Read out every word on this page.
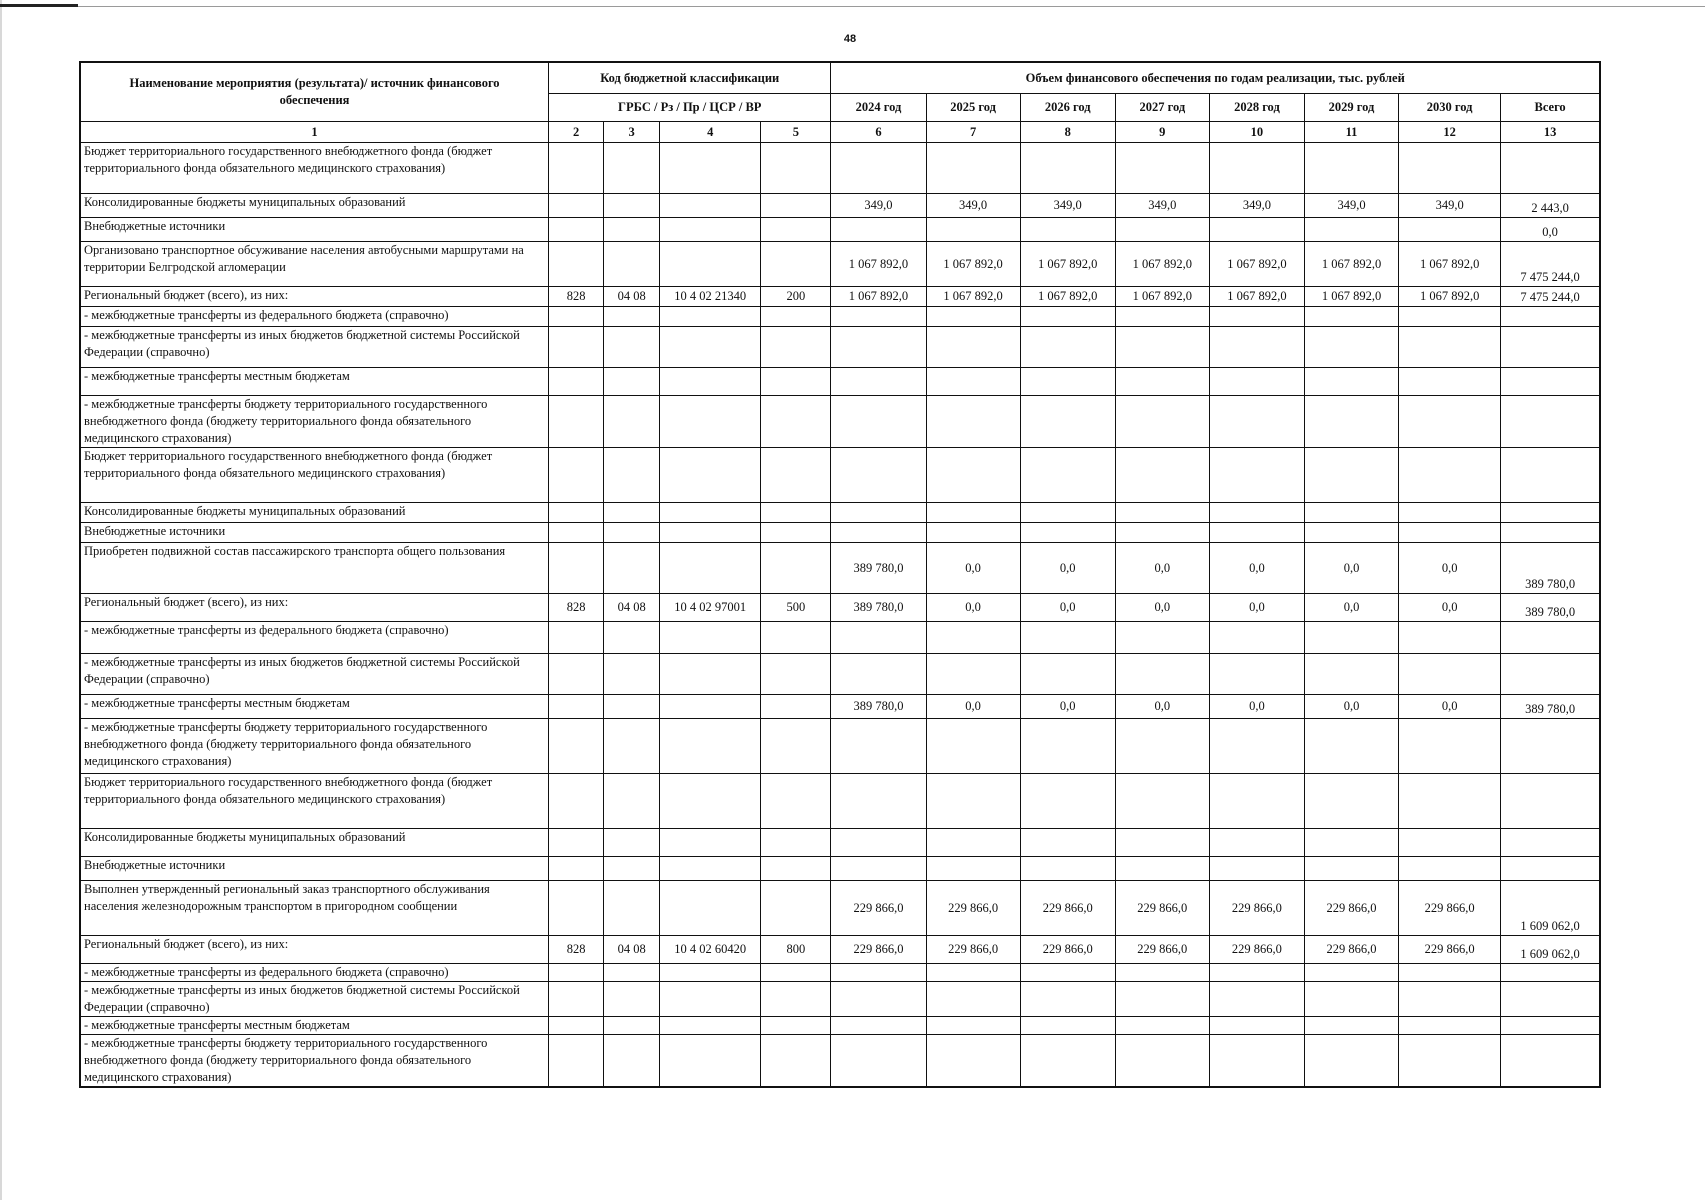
48
Наименование мероприятия (результата)/ источник финансового обеспечения	Код бюджетной классификации				Объем финансового обеспечения по годам реализации, тыс. рублей							
	ГРБС / Рз / Пр / ЦСР / ВР				2024 год	2025 год	2026 год	2027 год	2028 год	2029 год	2030 год	Всего
1	2	3	4	5	6	7	8	9	10	11	12	13
Бюджет территориального государственного внебюджетного фонда (бюджет территориального фонда обязательного медицинского страхования)												
Консолидированные бюджеты муниципальных образований					349,0	349,0	349,0	349,0	349,0	349,0	349,0	2 443,0
Внебюджетные источники												0,0
Организовано транспортное обсуживание населения автобусными маршрутами на территории Белгродской агломерации					1 067 892,0	1 067 892,0	1 067 892,0	1 067 892,0	1 067 892,0	1 067 892,0	1 067 892,0	7 475 244,0
Региональный бюджет (всего), из них:	828	04 08	10 4 02 21340	200	1 067 892,0	1 067 892,0	1 067 892,0	1 067 892,0	1 067 892,0	1 067 892,0	1 067 892,0	7 475 244,0
- межбюджетные трансферты из федерального бюджета (справочно)												
- межбюджетные трансферты из иных бюджетов бюджетной системы Российской Федерации (справочно)												
- межбюджетные трансферты местным бюджетам												
- межбюджетные трансферты бюджету территориального государственного внебюджетного фонда (бюджету территориального фонда обязательного медицинского страхования)												
Бюджет территориального государственного внебюджетного фонда (бюджет территориального фонда обязательного медицинского страхования)												
Консолидированные бюджеты муниципальных образований												
Внебюджетные источники												
Приобретен подвижной состав пассажирского транспорта общего пользования					389 780,0	0,0	0,0	0,0	0,0	0,0	0,0	389 780,0
Региональный бюджет (всего), из них:	828	04 08	10 4 02 97001	500	389 780,0	0,0	0,0	0,0	0,0	0,0	0,0	389 780,0
- межбюджетные трансферты из федерального бюджета (справочно)												
- межбюджетные трансферты из иных бюджетов бюджетной системы Российской Федерации (справочно)												
- межбюджетные трансферты местным бюджетам					389 780,0	0,0	0,0	0,0	0,0	0,0	0,0	389 780,0
- межбюджетные трансферты бюджету территориального государственного внебюджетного фонда (бюджету территориального фонда обязательного медицинского страхования)												
Бюджет территориального государственного внебюджетного фонда (бюджет территориального фонда обязательного медицинского страхования)												
Консолидированные бюджеты муниципальных образований												
Внебюджетные источники												
Выполнен утвержденный региональный заказ транспортного обслуживания населения железнодорожным транспортом в пригородном сообщении					229 866,0	229 866,0	229 866,0	229 866,0	229 866,0	229 866,0	229 866,0	1 609 062,0
Региональный бюджет (всего), из них:	828	04 08	10 4 02 60420	800	229 866,0	229 866,0	229 866,0	229 866,0	229 866,0	229 866,0	229 866,0	1 609 062,0
- межбюджетные трансферты из федерального бюджета (справочно)												
- межбюджетные трансферты из иных бюджетов бюджетной системы Российской Федерации (справочно)												
- межбюджетные трансферты местным бюджетам												
- межбюджетные трансферты бюджету территориального государственного внебюджетного фонда (бюджету территориального фонда обязательного медицинского страхования)												
